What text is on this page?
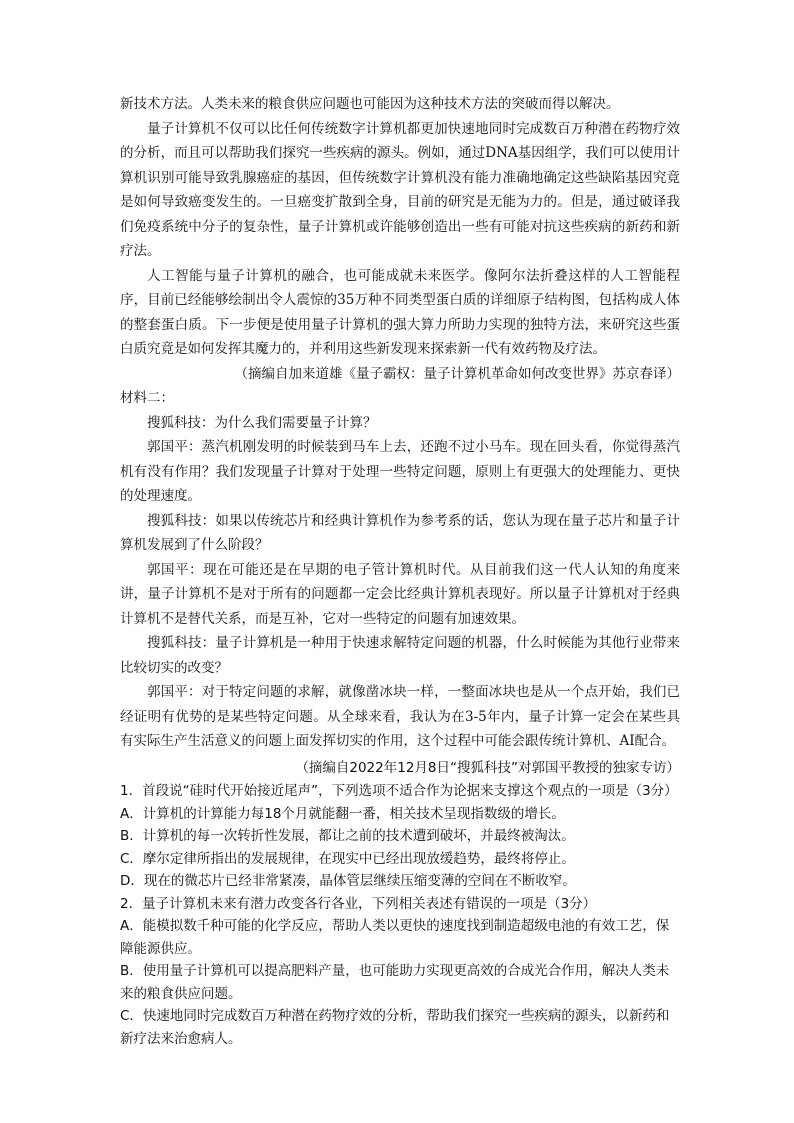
新技术方法。人类未来的粮食供应问题也可能因为这种技术方法的突破而得以解决。

量子计算机不仅可以比任何传统数字计算机都更加快速地同时完成数百万种潜在药物疗效的分析，而且可以帮助我们探究一些疾病的源头。例如，通过DNA基因组学，我们可以使用计算机识别可能导致乳腺癌症的基因，但传统数字计算机没有能力准确地确定这些缺陷基因究竟是如何导致癌变发生的。一旦癌变扩散到全身，目前的研究是无能为力的。但是，通过破译我们免疫系统中分子的复杂性，量子计算机或许能够创造出一些有可能对抗这些疾病的新药和新疗法。

人工智能与量子计算机的融合，也可能成就未来医学。像阿尔法折叠这样的人工智能程序，目前已经能够绘制出令人震惊的35万种不同类型蛋白质的详细原子结构图，包括构成人体的整套蛋白质。下一步便是使用量子计算机的强大算力所助力实现的独特方法，来研究这些蛋白质究竟是如何发挥其魔力的，并利用这些新发现来探索新一代有效药物及疗法。

（摘编自加来道雄《量子霸权：量子计算机革命如何改变世界》苏京春译）

材料二：

搜狐科技：为什么我们需要量子计算？

郭国平：蒸汽机刚发明的时候装到马车上去，还跑不过小马车。现在回头看，你觉得蒸汽机有没有作用？我们发现量子计算对于处理一些特定问题，原则上有更强大的处理能力、更快的处理速度。

搜狐科技：如果以传统芯片和经典计算机作为参考系的话，您认为现在量子芯片和量子计算机发展到了什么阶段？

郭国平：现在可能还是在早期的电子管计算机时代。从目前我们这一代人认知的角度来讲，量子计算机不是对于所有的问题都一定会比经典计算机表现好。所以量子计算机对于经典计算机不是替代关系，而是互补，它对一些特定的问题有加速效果。

搜狐科技：量子计算机是一种用于快速求解特定问题的机器，什么时候能为其他行业带来比较切实的改变？

郭国平：对于特定问题的求解，就像凿冰块一样，一整面冰块也是从一个点开始，我们已经证明有优势的是某些特定问题。从全球来看，我认为在3-5年内，量子计算一定会在某些具有实际生产生活意义的问题上面发挥切实的作用，这个过程中可能会跟传统计算机、AI配合。

（摘编自2022年12月8日“搜狐科技”对郭国平教授的独家专访）

1．首段说“硅时代开始接近尾声”，下列选项不适合作为论据来支撑这个观点的一项是（3分）

A．计算机的计算能力每18个月就能翻一番，相关技术呈现指数级的增长。

B．计算机的每一次转折性发展，都让之前的技术遭到破坏，并最终被淘汰。

C．摩尔定律所指出的发展规律，在现实中已经出现放缓趋势，最终将停止。

D．现在的微芯片已经非常紧凑，晶体管层继续压缩变薄的空间在不断收窄。

2．量子计算机未来有潜力改变各行各业，下列相关表述有错误的一项是（3分）

A．能模拟数千种可能的化学反应，帮助人类以更快的速度找到制造超级电池的有效工艺，保障能源供应。

B．使用量子计算机可以提高肥料产量，也可能助力实现更高效的合成光合作用，解决人类未来的粮食供应问题。

C．快速地同时完成数百万种潜在药物疗效的分析，帮助我们探究一些疾病的源头，以新药和新疗法来治愈病人。
